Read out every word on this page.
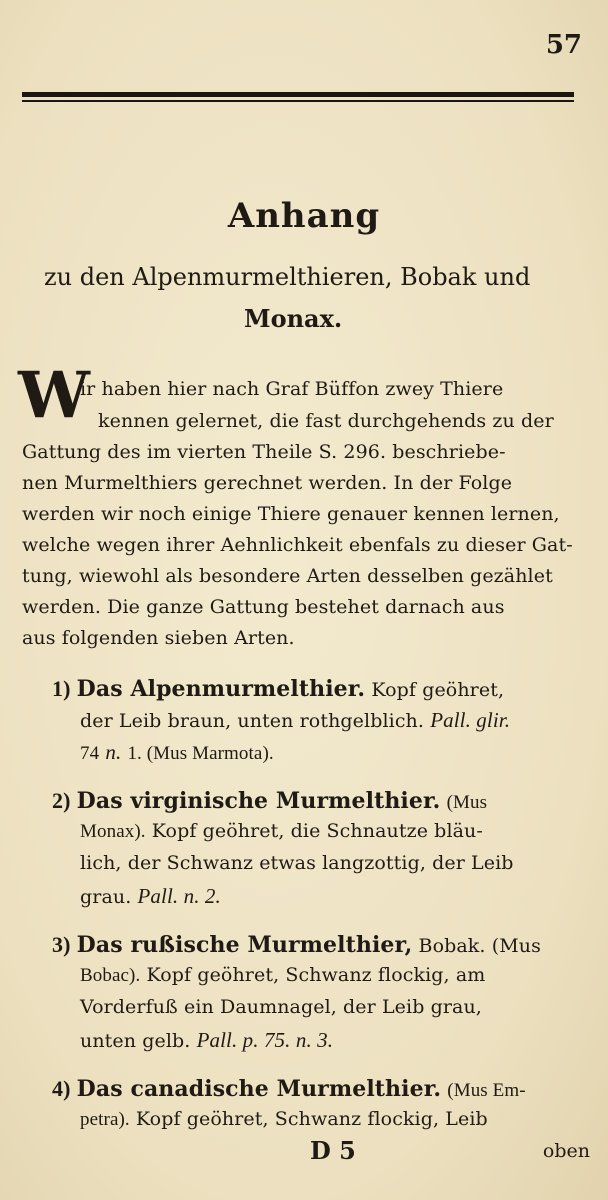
57
Anhang
zu den Alpenmurmelthieren, Bobak und
Monax.
W
ir haben hier nach Graf Büffon zwey Thiere
kennen gelernet, die fast durchgehends zu der
Gattung des im vierten Theile S. 296. beschriebe-
nen Murmelthiers gerechnet werden. In der Folge
werden wir noch einige Thiere genauer kennen lernen,
welche wegen ihrer Aehnlichkeit ebenfals zu dieser Gat-
tung, wiewohl als besondere Arten desselben gezählet
werden. Die ganze Gattung bestehet darnach aus
aus folgenden sieben Arten.
1) Das Alpenmurmelthier. Kopf geöhret,
der Leib braun, unten rothgelblich. Pall. glir.
74 n. 1. (Mus Marmota).
2) Das virginische Murmelthier. (Mus
Monax). Kopf geöhret, die Schnautze bläu-
lich, der Schwanz etwas langzottig, der Leib
grau. Pall. n. 2.
3) Das rußische Murmelthier, Bobak. (Mus
Bobac). Kopf geöhret, Schwanz flockig, am
Vorderfuß ein Daumnagel, der Leib grau,
unten gelb. Pall. p. 75. n. 3.
4) Das canadische Murmelthier. (Mus Em-
petra). Kopf geöhret, Schwanz flockig, Leib
D 5	oben
